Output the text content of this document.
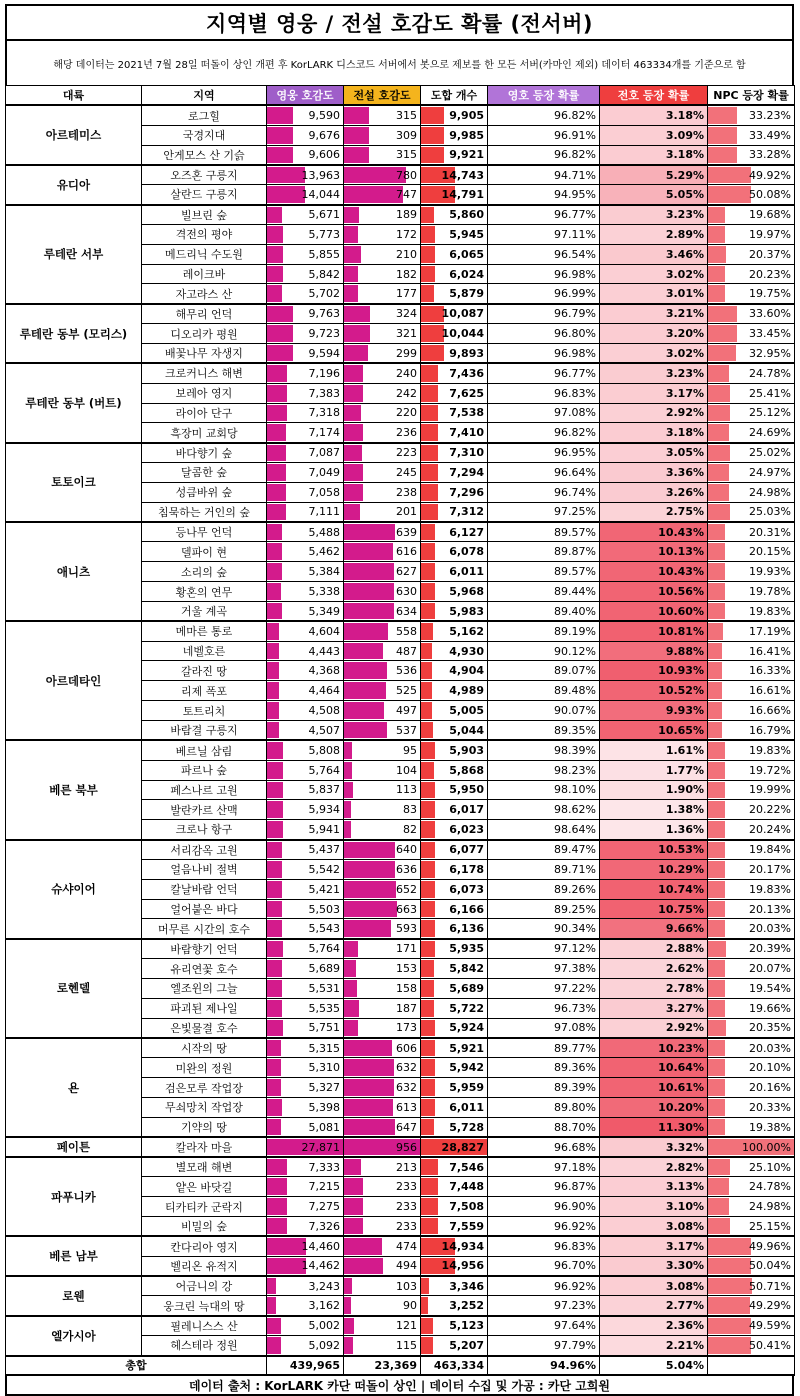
지역별 영웅 / 전설 호감도 확률 (전서버)
해당 데이터는 2021년 7월 28일 떠돌이 상인 개편 후 KorLARK 디스코드 서버에서 봇으로 제보를 한 모든 서버(카마인 제외) 데이터 463334개를 기준으로 함
대륙	지역	영웅 호감도	전설 호감도	도합 개수	영호 등장 확률	전호 등장 확률	NPC 등장 확률
아르테미스	로그힐	9,590	315	9,905	96.82%	3.18%	33.23%
	국경지대	9,676	309	9,985	96.91%	3.09%	33.49%
	안게모스 산 기슭	9,606	315	9,921	96.82%	3.18%	33.28%
유디아	오즈혼 구릉지	13,963	780	14,743	94.71%	5.29%	49.92%
	살란드 구릉지	14,044	747	14,791	94.95%	5.05%	50.08%
루테란 서부	빌브린 숲	5,671	189	5,860	96.77%	3.23%	19.68%
	격전의 평야	5,773	172	5,945	97.11%	2.89%	19.97%
	메드리닉 수도원	5,855	210	6,065	96.54%	3.46%	20.37%
	레이크바	5,842	182	6,024	96.98%	3.02%	20.23%
	자고라스 산	5,702	177	5,879	96.99%	3.01%	19.75%
루테란 동부 (모리스)	해무리 언덕	9,763	324	10,087	96.79%	3.21%	33.60%
	디오리카 평원	9,723	321	10,044	96.80%	3.20%	33.45%
	배꽃나무 자생지	9,594	299	9,893	96.98%	3.02%	32.95%
루테란 동부 (버트)	크로커니스 해변	7,196	240	7,436	96.77%	3.23%	24.78%
	보레아 영지	7,383	242	7,625	96.83%	3.17%	25.41%
	라이아 단구	7,318	220	7,538	97.08%	2.92%	25.12%
	흑장미 교회당	7,174	236	7,410	96.82%	3.18%	24.69%
토토이크	바다향기 숲	7,087	223	7,310	96.95%	3.05%	25.02%
	달콤한 숲	7,049	245	7,294	96.64%	3.36%	24.97%
	성큼바위 숲	7,058	238	7,296	96.74%	3.26%	24.98%
	침묵하는 거인의 숲	7,111	201	7,312	97.25%	2.75%	25.03%
애니츠	등나무 언덕	5,488	639	6,127	89.57%	10.43%	20.31%
	델파이 현	5,462	616	6,078	89.87%	10.13%	20.15%
	소리의 숲	5,384	627	6,011	89.57%	10.43%	19.93%
	황혼의 연무	5,338	630	5,968	89.44%	10.56%	19.78%
	거울 계곡	5,349	634	5,983	89.40%	10.60%	19.83%
아르데타인	메마른 통로	4,604	558	5,162	89.19%	10.81%	17.19%
	네벨호른	4,443	487	4,930	90.12%	9.88%	16.41%
	갈라진 땅	4,368	536	4,904	89.07%	10.93%	16.33%
	리제 폭포	4,464	525	4,989	89.48%	10.52%	16.61%
	토트리치	4,508	497	5,005	90.07%	9.93%	16.66%
	바람결 구릉지	4,507	537	5,044	89.35%	10.65%	16.79%
베른 북부	베르닐 삼림	5,808	95	5,903	98.39%	1.61%	19.83%
	파르나 숲	5,764	104	5,868	98.23%	1.77%	19.72%
	페스나르 고원	5,837	113	5,950	98.10%	1.90%	19.99%
	발란카르 산맥	5,934	83	6,017	98.62%	1.38%	20.22%
	크로나 항구	5,941	82	6,023	98.64%	1.36%	20.24%
슈샤이어	서리감옥 고원	5,437	640	6,077	89.47%	10.53%	19.84%
	얼음나비 절벽	5,542	636	6,178	89.71%	10.29%	20.17%
	칼날바람 언덕	5,421	652	6,073	89.26%	10.74%	19.83%
	얼어붙은 바다	5,503	663	6,166	89.25%	10.75%	20.13%
	머무른 시간의 호수	5,543	593	6,136	90.34%	9.66%	20.03%
로헨델	바람향기 언덕	5,764	171	5,935	97.12%	2.88%	20.39%
	유리연꽃 호수	5,689	153	5,842	97.38%	2.62%	20.07%
	엘조윈의 그늘	5,531	158	5,689	97.22%	2.78%	19.54%
	파괴된 제나일	5,535	187	5,722	96.73%	3.27%	19.66%
	은빛물결 호수	5,751	173	5,924	97.08%	2.92%	20.35%
욘	시작의 땅	5,315	606	5,921	89.77%	10.23%	20.03%
	미완의 정원	5,310	632	5,942	89.36%	10.64%	20.10%
	검은모루 작업장	5,327	632	5,959	89.39%	10.61%	20.16%
	무쇠망치 작업장	5,398	613	6,011	89.80%	10.20%	20.33%
	기약의 땅	5,081	647	5,728	88.70%	11.30%	19.38%
페이튼	칼라자 마을	27,871	956	28,827	96.68%	3.32%	100.00%
파푸니카	별모래 해변	7,333	213	7,546	97.18%	2.82%	25.10%
	얕은 바닷길	7,215	233	7,448	96.87%	3.13%	24.78%
	티카티카 군락지	7,275	233	7,508	96.90%	3.10%	24.98%
	비밀의 숲	7,326	233	7,559	96.92%	3.08%	25.15%
베른 남부	칸다리아 영지	14,460	474	14,934	96.83%	3.17%	49.96%
	벨리온 유적지	14,462	494	14,956	96.70%	3.30%	50.04%
로웬	어금니의 강	3,243	103	3,346	96.92%	3.08%	50.71%
	웅크린 늑대의 땅	3,162	90	3,252	97.23%	2.77%	49.29%
엘가시아	필레니스스 산	5,002	121	5,123	97.64%	2.36%	49.59%
	헤스테라 정원	5,092	115	5,207	97.79%	2.21%	50.41%
총합		439,965	23,369	463,334	94.96%	5.04%	
데이터 출처 : KorLARK 카단 떠돌이 상인 | 데이터 수집 및 가공 : 카단 고희원
